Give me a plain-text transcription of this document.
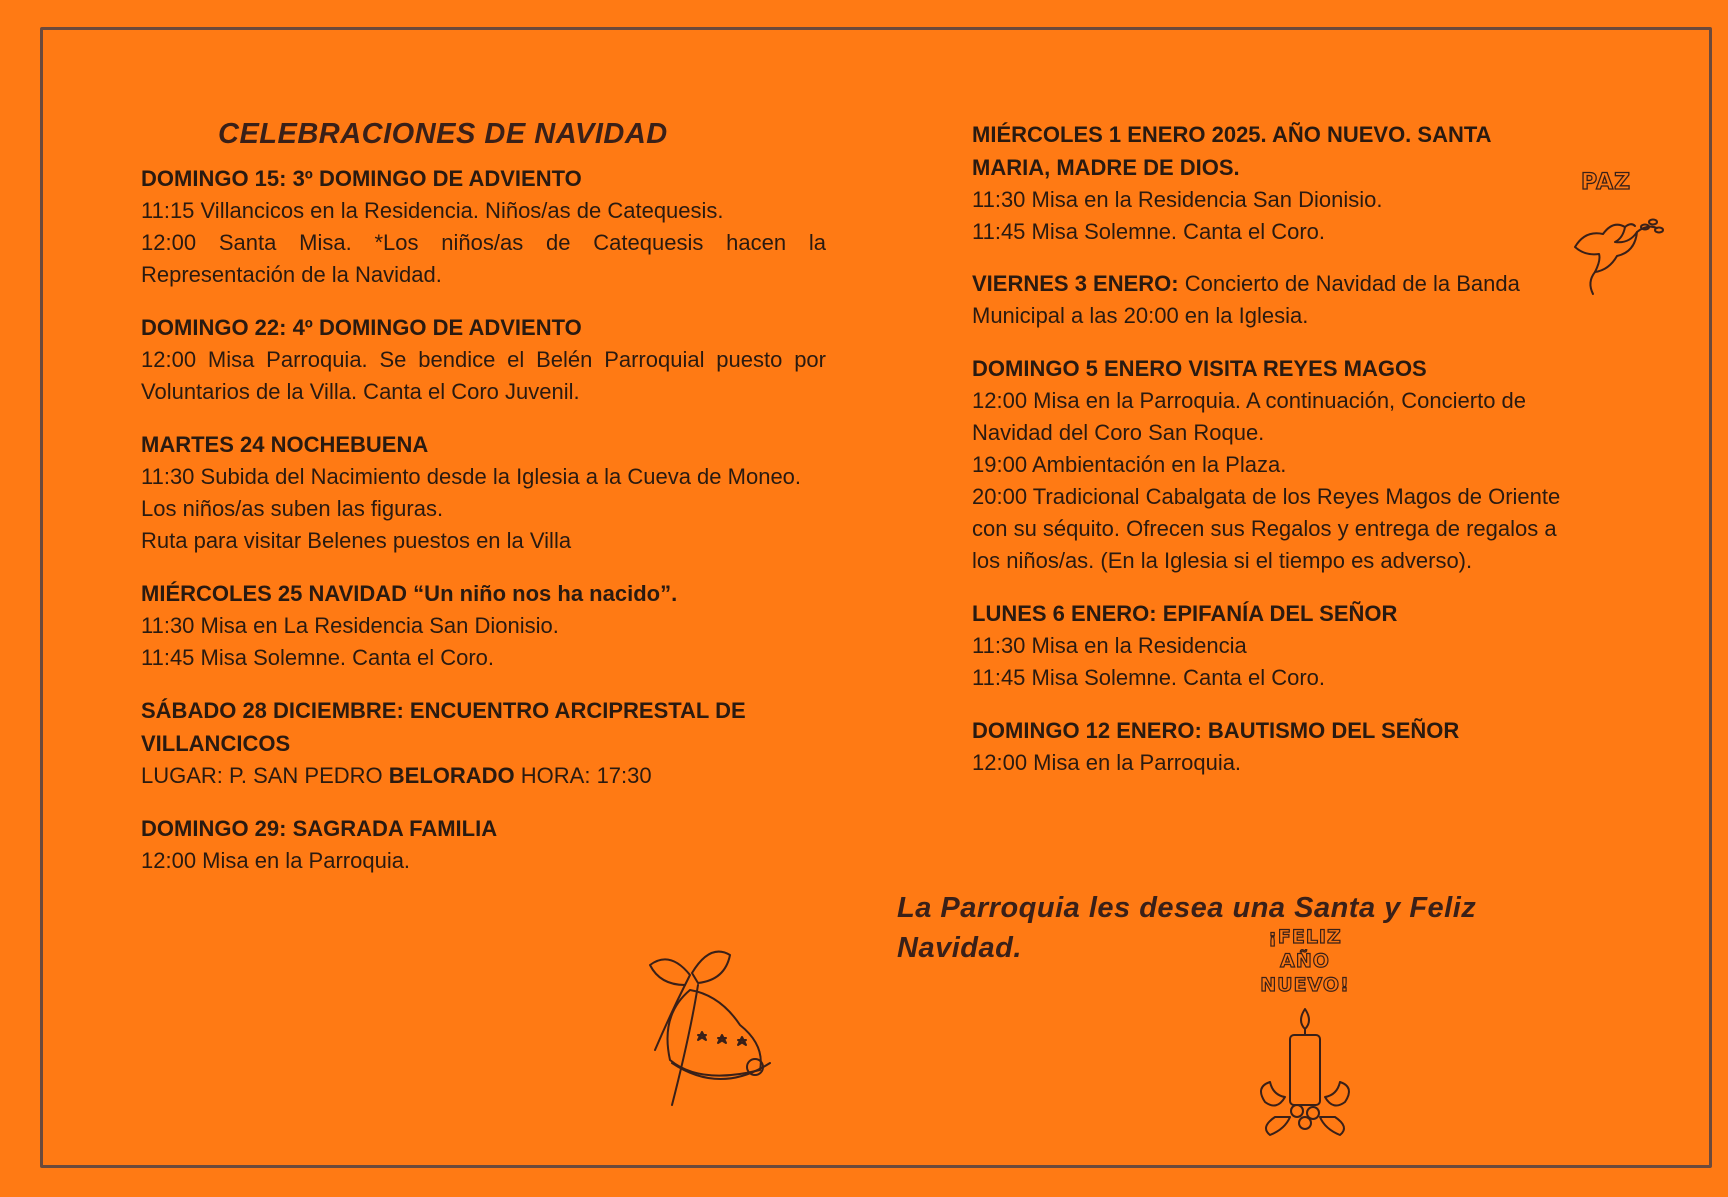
CELEBRACIONES DE NAVIDAD
DOMINGO 15: 3º DOMINGO DE ADVIENTO
11:15 Villancicos en la Residencia. Niños/as de Catequesis.
12:00 Santa Misa. *Los niños/as de Catequesis hacen la Representación de la Navidad.
DOMINGO 22: 4º DOMINGO DE ADVIENTO
12:00 Misa Parroquia. Se bendice el Belén Parroquial puesto por Voluntarios de la Villa. Canta el Coro Juvenil.
MARTES 24 NOCHEBUENA
11:30 Subida del Nacimiento desde la Iglesia a la Cueva de Moneo. Los niños/as suben las figuras.
Ruta para visitar Belenes puestos en la Villa
MIÉRCOLES 25 NAVIDAD “Un niño nos ha nacido”.
11:30 Misa en La Residencia San Dionisio.
11:45 Misa Solemne. Canta el Coro.
SÁBADO 28 DICIEMBRE: ENCUENTRO ARCIPRESTAL DE VILLANCICOS
LUGAR: P. SAN PEDRO BELORADO HORA: 17:30
DOMINGO 29: SAGRADA FAMILIA
12:00 Misa en la Parroquia.
MIÉRCOLES 1 ENERO 2025. AÑO NUEVO. SANTA MARIA, MADRE DE DIOS.
11:30 Misa en la Residencia San Dionisio.
11:45 Misa Solemne. Canta el Coro.
VIERNES 3 ENERO: Concierto de Navidad de la Banda Municipal a las 20:00 en la Iglesia.
DOMINGO 5 ENERO VISITA REYES MAGOS
12:00 Misa en la Parroquia. A continuación, Concierto de Navidad del Coro San Roque.
19:00 Ambientación en la Plaza.
20:00 Tradicional Cabalgata de los Reyes Magos de Oriente con su séquito. Ofrecen sus Regalos y entrega de regalos a los niños/as. (En la Iglesia si el tiempo es adverso).
LUNES 6 ENERO: EPIFANÍA DEL SEÑOR
11:30 Misa en la Residencia
11:45 Misa Solemne. Canta el Coro.
DOMINGO 12 ENERO: BAUTISMO DEL SEÑOR
12:00 Misa en la Parroquia.
La Parroquia les desea una Santa y Feliz Navidad.
PAZ
¡FELIZ
AÑO
NUEVO!
